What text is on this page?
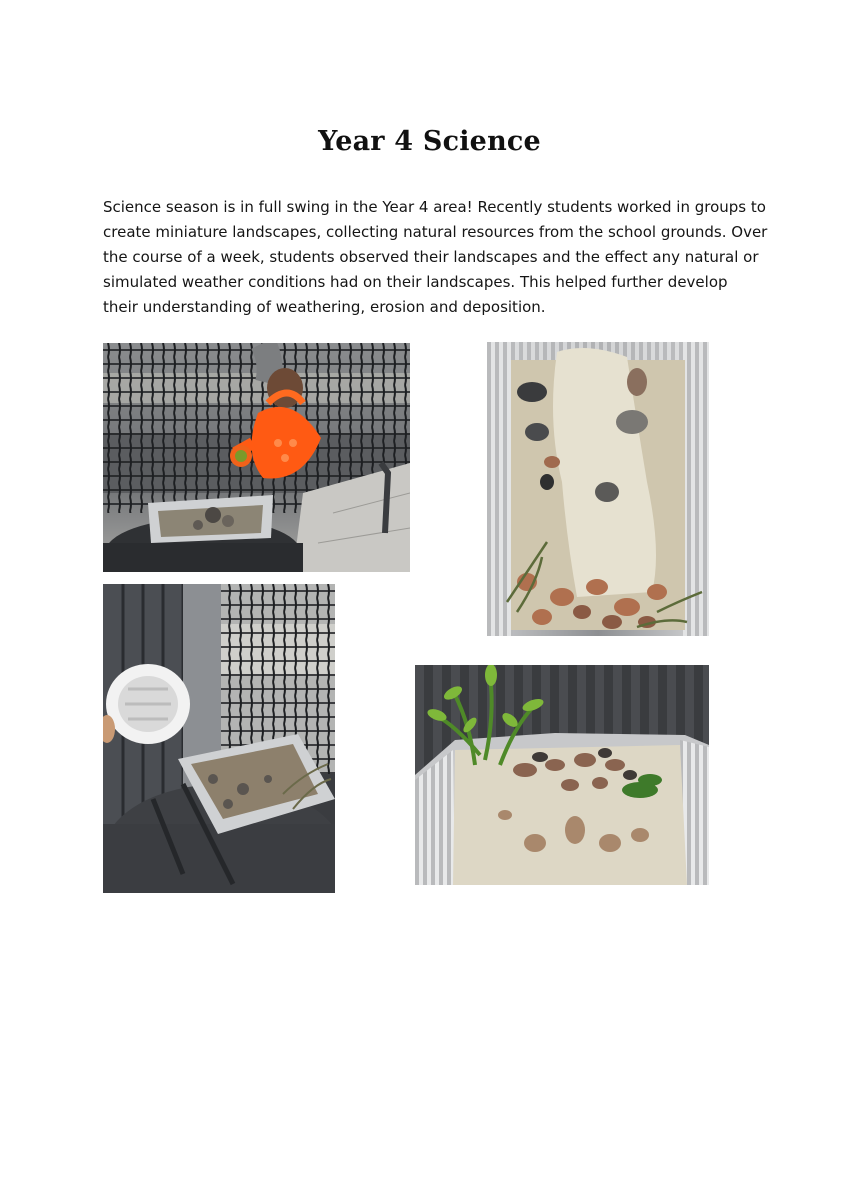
Year 4 Science
Science season is in full swing in the Year 4 area! Recently students worked in groups to
create miniature landscapes, collecting natural resources from the school grounds. Over
the course of a week, students observed their landscapes and the effect any natural or
simulated weather conditions had on their landscapes. This helped further develop
their understanding of weathering, erosion and deposition.
